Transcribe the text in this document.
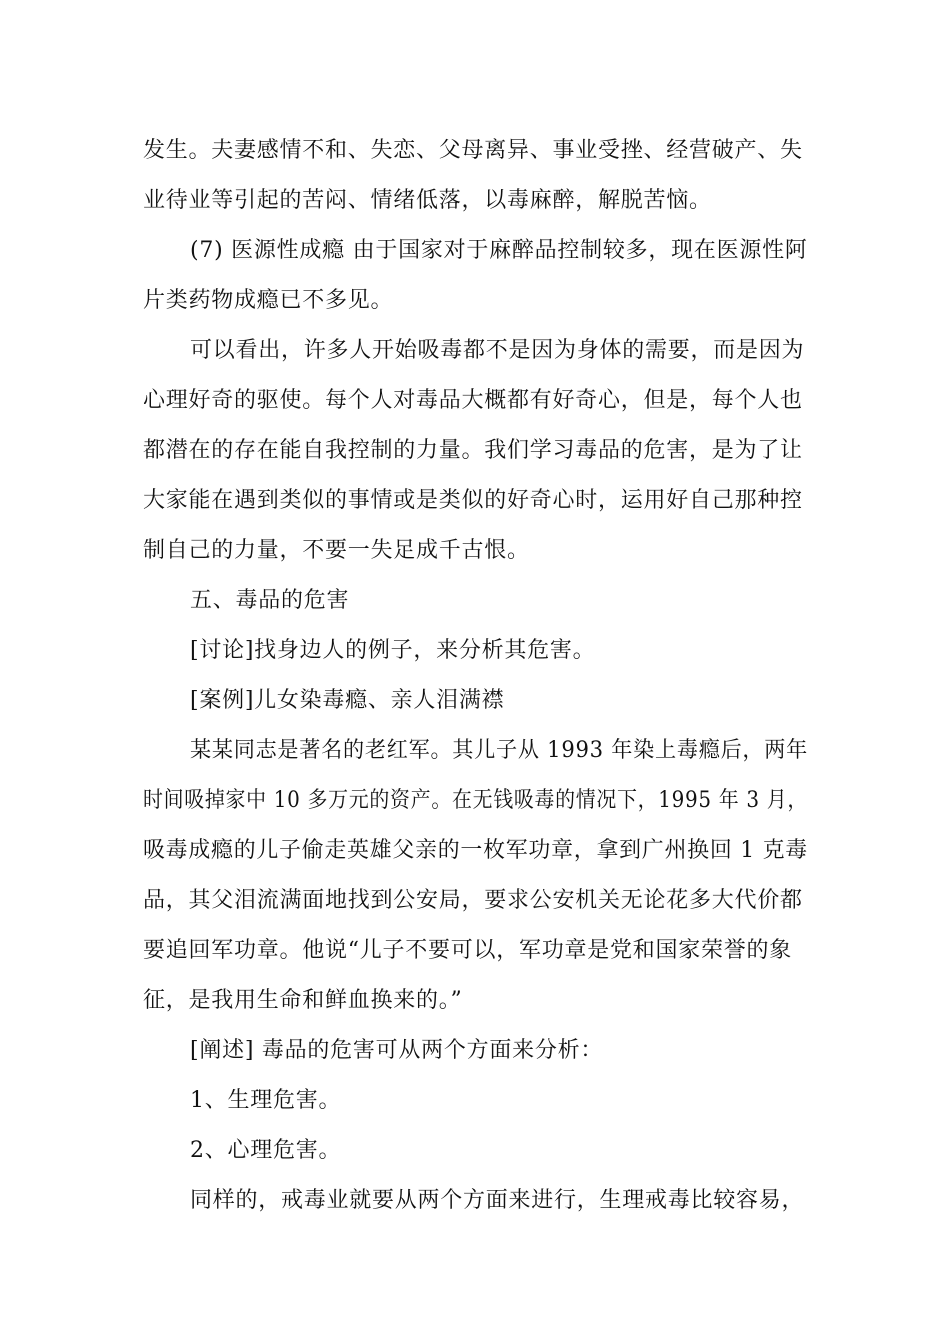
发生。夫妻感情不和、失恋、父母离异、事业受挫、经营破产、失
业待业等引起的苦闷、情绪低落，以毒麻醉，解脱苦恼。
(7) 医源性成瘾 由于国家对于麻醉品控制较多，现在医源性阿
片类药物成瘾已不多见。
可以看出，许多人开始吸毒都不是因为身体的需要，而是因为
心理好奇的驱使。每个人对毒品大概都有好奇心，但是，每个人也
都潜在的存在能自我控制的力量。我们学习毒品的危害，是为了让
大家能在遇到类似的事情或是类似的好奇心时，运用好自己那种控
制自己的力量，不要一失足成千古恨。
五、毒品的危害
[讨论]找身边人的例子，来分析其危害。
[案例]儿女染毒瘾、亲人泪满襟
某某同志是著名的老红军。其儿子从 1993 年染上毒瘾后，两年
时间吸掉家中 10 多万元的资产。在无钱吸毒的情况下，1995 年 3 月，
吸毒成瘾的儿子偷走英雄父亲的一枚军功章，拿到广州换回 1 克毒
品，其父泪流满面地找到公安局，要求公安机关无论花多大代价都
要追回军功章。他说“儿子不要可以，军功章是党和国家荣誉的象
征，是我用生命和鲜血换来的。”
[阐述] 毒品的危害可从两个方面来分析：
1、生理危害。
2、心理危害。
同样的，戒毒业就要从两个方面来进行，生理戒毒比较容易，
